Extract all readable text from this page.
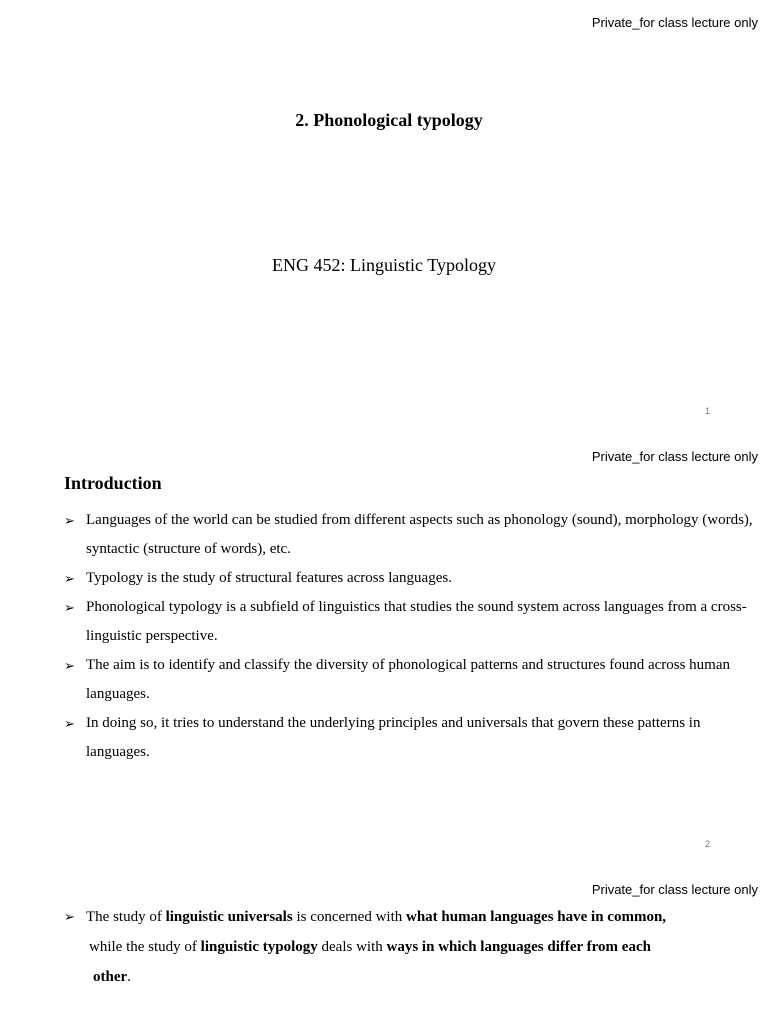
Private_for class lecture only
2. Phonological typology
ENG 452: Linguistic Typology
1
Private_for class lecture only
Introduction
➢ Languages of the world can be studied from different aspects such as phonology (sound), morphology (words), syntactic (structure of words), etc.
➢ Typology is the study of structural features across languages.
➢ Phonological typology is a subfield of linguistics that studies the sound system across languages from a cross-linguistic perspective.
➢ The aim is to identify and classify the diversity of phonological patterns and structures found across human languages.
➢ In doing so, it tries to understand the underlying principles and universals that govern these patterns in languages.
2
Private_for class lecture only
➢ The study of linguistic universals is concerned with what human languages have in common,
while the study of linguistic typology deals with ways in which languages differ from each
other.
